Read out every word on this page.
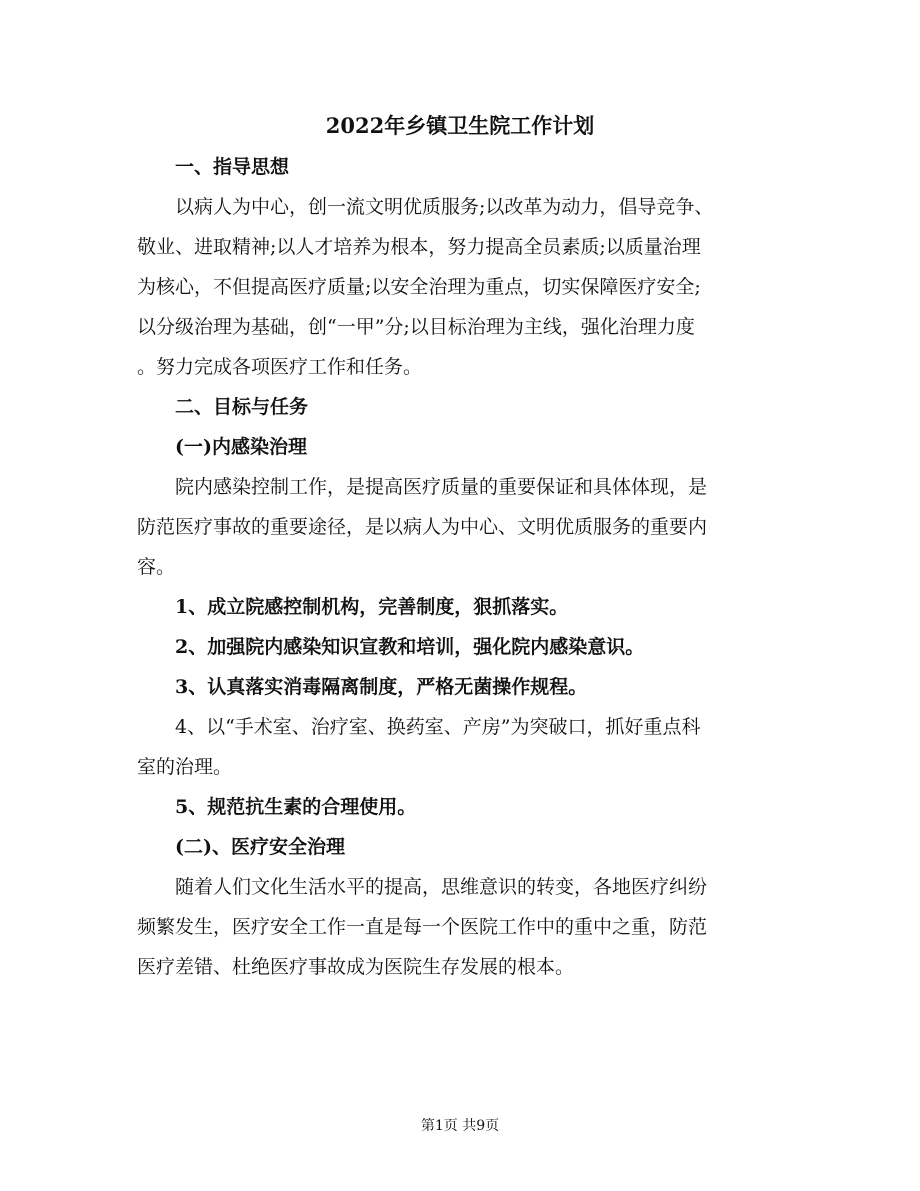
2022年乡镇卫生院工作计划
一、指导思想
以病人为中心，创一流文明优质服务;以改革为动力，倡导竞争、
敬业、进取精神;以人才培养为根本，努力提高全员素质;以质量治理
为核心，不但提高医疗质量;以安全治理为重点，切实保障医疗安全;
以分级治理为基础，创“一甲”分;以目标治理为主线，强化治理力度
。努力完成各项医疗工作和任务。
二、目标与任务
(一)内感染治理
院内感染控制工作，是提高医疗质量的重要保证和具体体现，是
防范医疗事故的重要途径，是以病人为中心、文明优质服务的重要内
容。
1、成立院感控制机构，完善制度，狠抓落实。
2、加强院内感染知识宣教和培训，强化院内感染意识。
3、认真落实消毒隔离制度，严格无菌操作规程。
4、以“手术室、治疗室、换药室、产房”为突破口，抓好重点科
室的治理。
5、规范抗生素的合理使用。
(二)、医疗安全治理
随着人们文化生活水平的提高，思维意识的转变，各地医疗纠纷
频繁发生，医疗安全工作一直是每一个医院工作中的重中之重，防范
医疗差错、杜绝医疗事故成为医院生存发展的根本。
第1页 共9页
